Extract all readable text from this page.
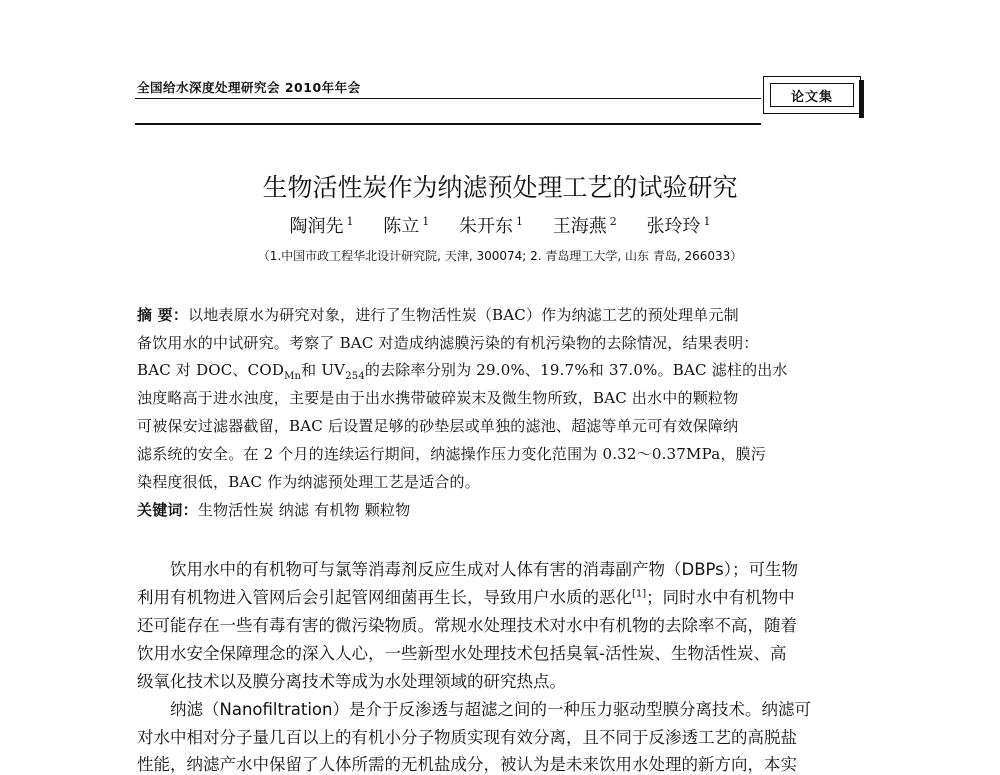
全国给水深度处理研究会 2010年年会
论文集
生物活性炭作为纳滤预处理工艺的试验研究
陶润先 $^1$ 陈立 $^1$ 朱开东 $^1$ 王海燕 $^2$ 张玲玲 $^1$
（1.中国市政工程华北设计研究院, 天津, 300074; 2. 青岛理工大学, 山东 青岛, 266033）
摘 要：以地表原水为研究对象，进行了生物活性炭（BAC）作为纳滤工艺的预处理单元制
备饮用水的中试研究。考察了 BAC 对造成纳滤膜污染的有机污染物的去除情况，结果表明：
BAC 对 DOC、$COD_{Mn}$和 $UV_{254}$的去除率分别为 29.0%、19.7%和 37.0%。BAC 滤柱的出水
浊度略高于进水浊度，主要是由于出水携带破碎炭末及微生物所致，BAC 出水中的颗粒物
可被保安过滤器截留，BAC 后设置足够的砂垫层或单独的滤池、超滤等单元可有效保障纳
滤系统的安全。在 2 个月的连续运行期间，纳滤操作压力变化范围为 0.32～0.37MPa，膜污
染程度很低，BAC 作为纳滤预处理工艺是适合的。
关键词：生物活性炭 纳滤 有机物 颗粒物
饮用水中的有机物可与氯等消毒剂反应生成对人体有害的消毒副产物（DBPs）；可生物
利用有机物进入管网后会引起管网细菌再生长，导致用户水质的恶化[1]；同时水中有机物中
还可能存在一些有毒有害的微污染物质。常规水处理技术对水中有机物的去除率不高，随着
饮用水安全保障理念的深入人心，一些新型水处理技术包括臭氧-活性炭、生物活性炭、高
级氧化技术以及膜分离技术等成为水处理领域的研究热点。
纳滤（Nanofiltration）是介于反渗透与超滤之间的一种压力驱动型膜分离技术。纳滤可
对水中相对分子量几百以上的有机小分子物质实现有效分离，且不同于反渗透工艺的高脱盐
性能，纳滤产水中保留了人体所需的无机盐成分，被认为是未来饮用水处理的新方向，本实
